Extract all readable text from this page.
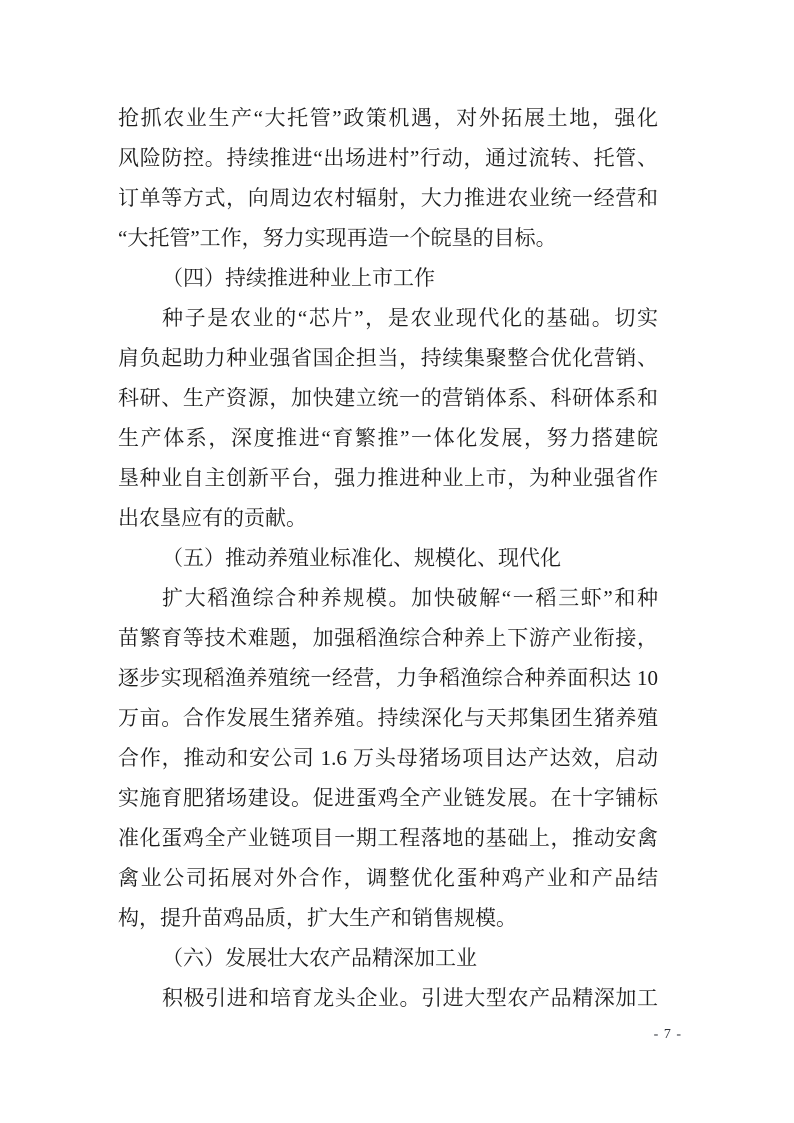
抢抓农业生产“大托管”政策机遇，对外拓展土地，强化
风险防控。持续推进“出场进村”行动，通过流转、托管、
订单等方式，向周边农村辐射，大力推进农业统一经营和
“大托管”工作，努力实现再造一个皖垦的目标。
（四）持续推进种业上市工作
种子是农业的“芯片”，是农业现代化的基础。切实
肩负起助力种业强省国企担当，持续集聚整合优化营销、
科研、生产资源，加快建立统一的营销体系、科研体系和
生产体系，深度推进“育繁推”一体化发展，努力搭建皖
垦种业自主创新平台，强力推进种业上市，为种业强省作
出农垦应有的贡献。
（五）推动养殖业标准化、规模化、现代化
扩大稻渔综合种养规模。加快破解“一稻三虾”和种
苗繁育等技术难题，加强稻渔综合种养上下游产业衔接，
逐步实现稻渔养殖统一经营，力争稻渔综合种养面积达 10
万亩。合作发展生猪养殖。持续深化与天邦集团生猪养殖
合作，推动和安公司 1.6 万头母猪场项目达产达效，启动
实施育肥猪场建设。促进蛋鸡全产业链发展。在十字铺标
准化蛋鸡全产业链项目一期工程落地的基础上，推动安禽
禽业公司拓展对外合作，调整优化蛋种鸡产业和产品结
构，提升苗鸡品质，扩大生产和销售规模。
（六）发展壮大农产品精深加工业
积极引进和培育龙头企业。引进大型农产品精深加工
- 7 -
